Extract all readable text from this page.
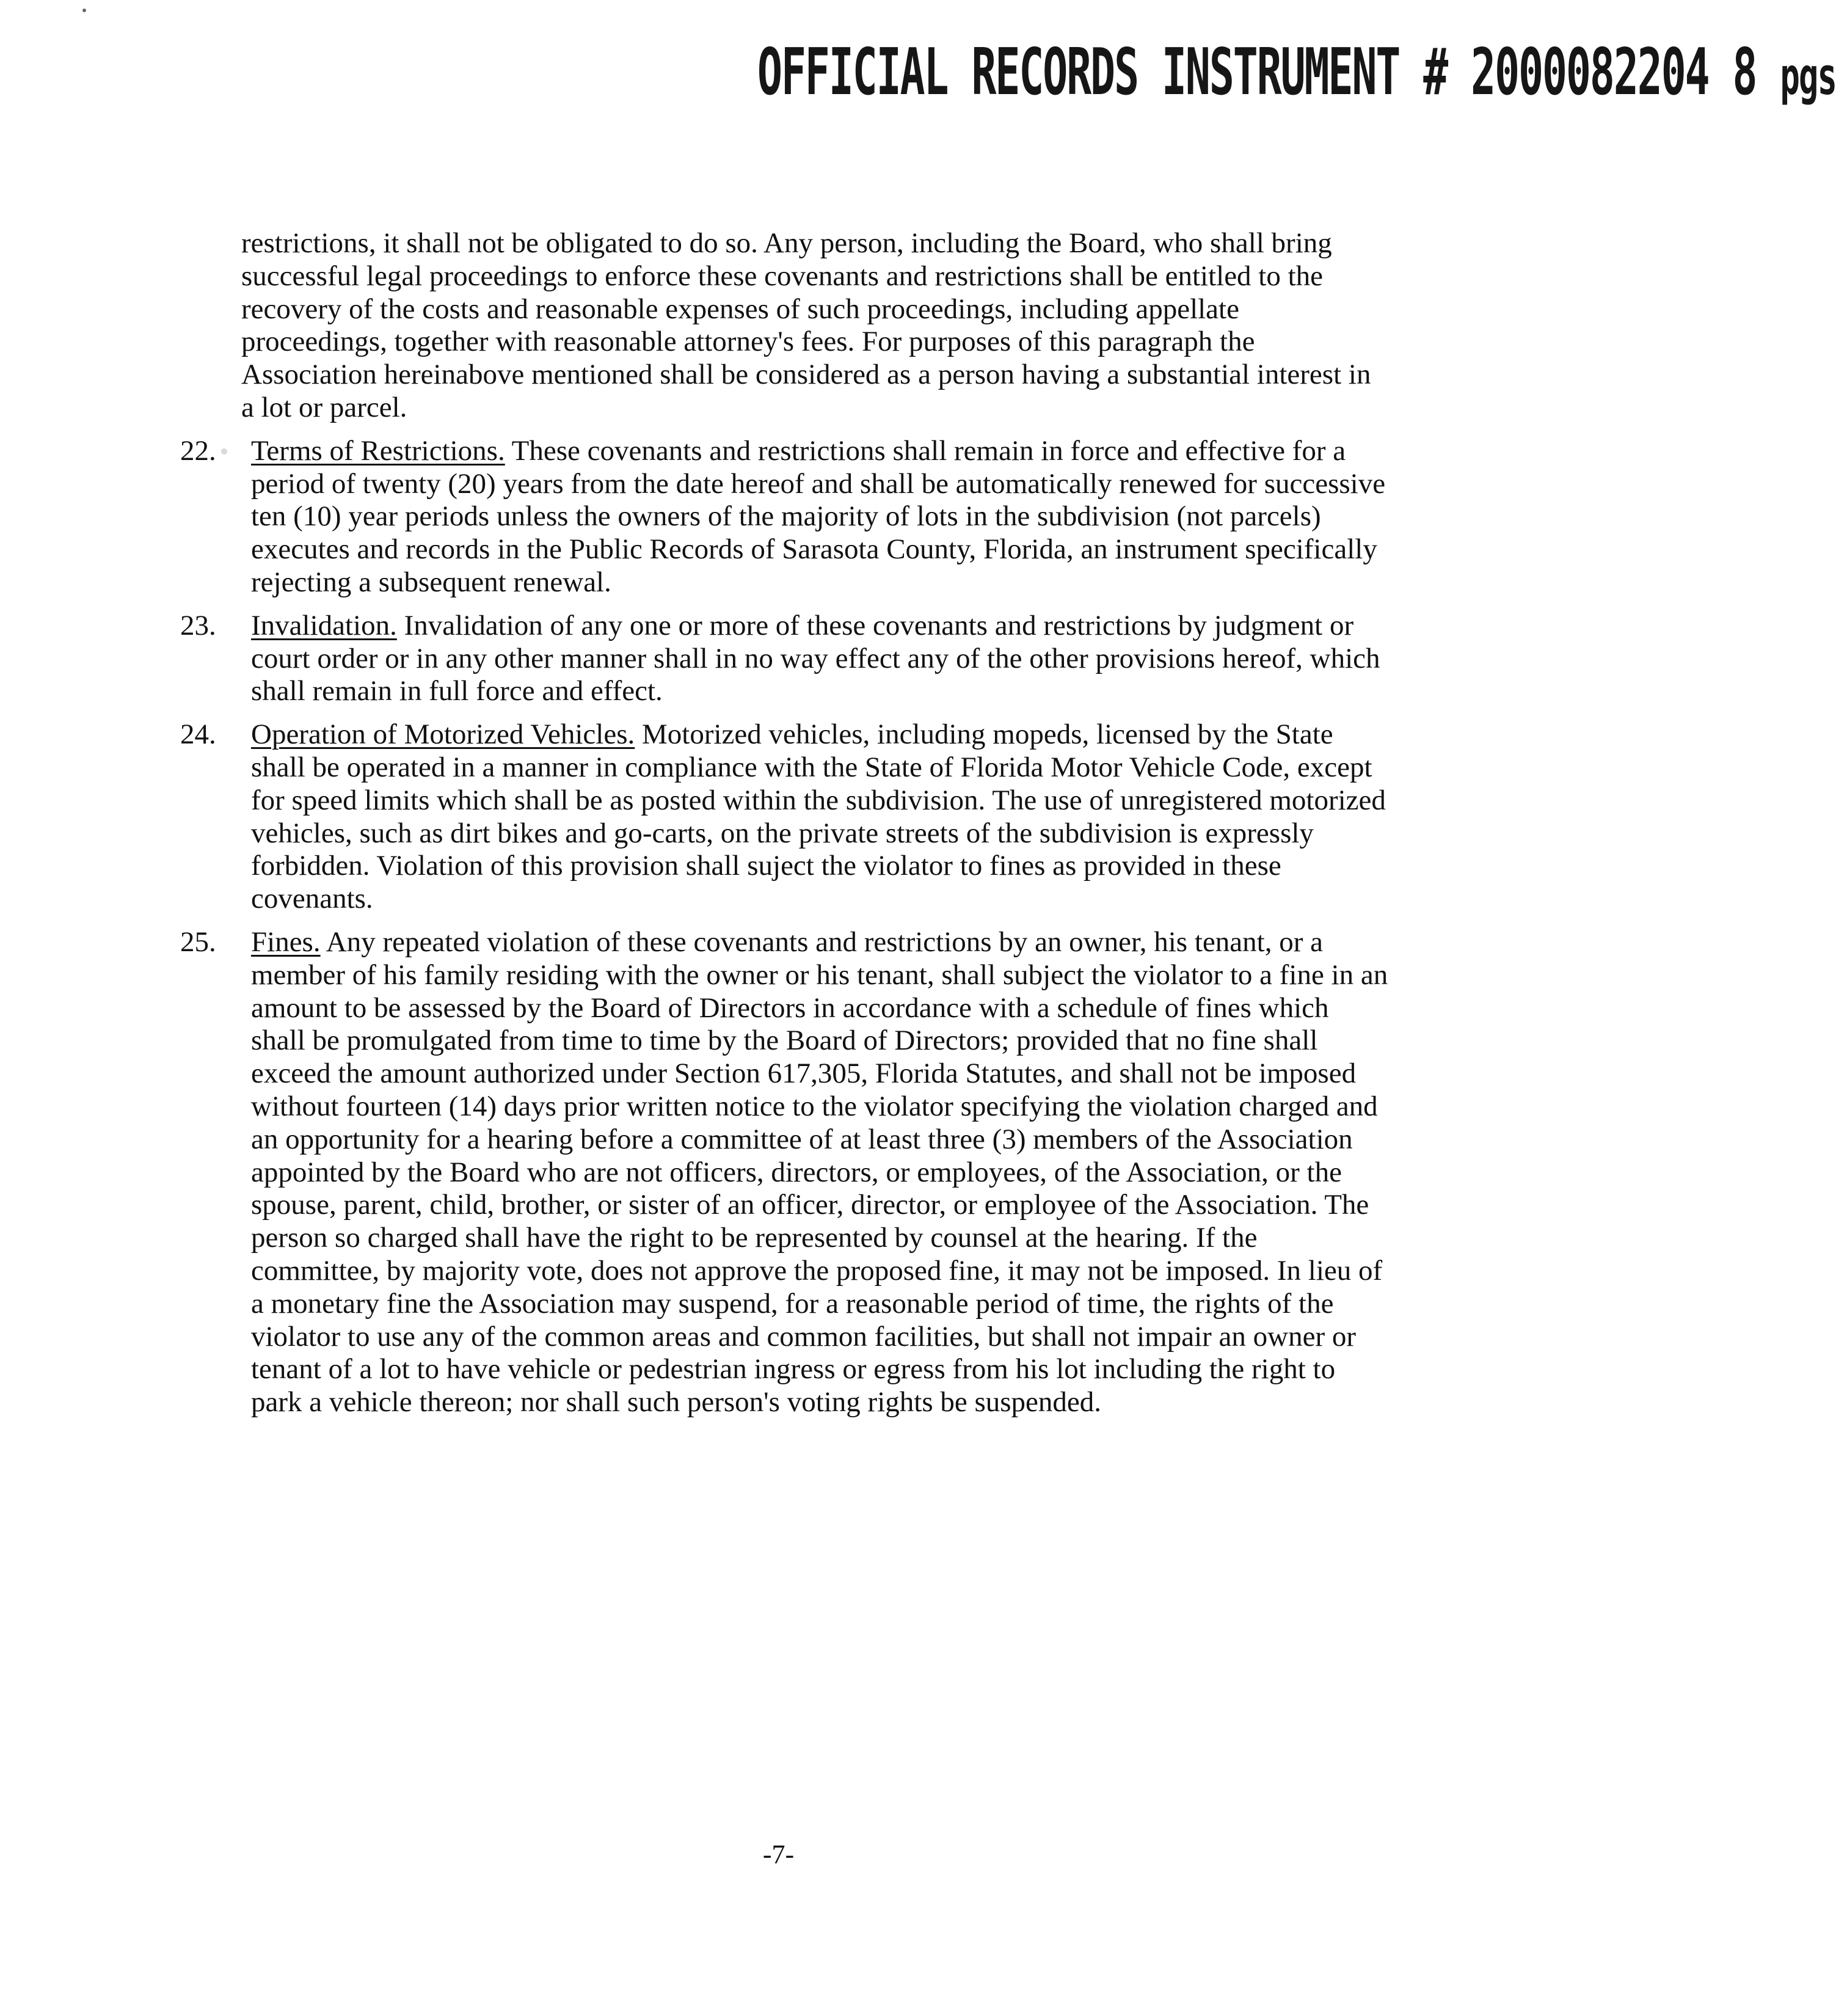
OFFICIAL RECORDS INSTRUMENT # 2000082204 8 pgs

restrictions, it shall not be obligated to do so. Any person, including the Board, who shall bring successful legal proceedings to enforce these covenants and restrictions shall be entitled to the recovery of the costs and reasonable expenses of such proceedings, including appellate proceedings, together with reasonable attorney's fees. For purposes of this paragraph the Association hereinabove mentioned shall be considered as a person having a substantial interest in a lot or parcel.

22.	Terms of Restrictions. These covenants and restrictions shall remain in force and effective for a period of twenty (20) years from the date hereof and shall be automatically renewed for successive ten (10) year periods unless the owners of the majority of lots in the subdivision (not parcels) executes and records in the Public Records of Sarasota County, Florida, an instrument specifically rejecting a subsequent renewal.
23.	Invalidation. Invalidation of any one or more of these covenants and restrictions by judgment or court order or in any other manner shall in no way effect any of the other provisions hereof, which shall remain in full force and effect.
24.	Operation of Motorized Vehicles. Motorized vehicles, including mopeds, licensed by the State shall be operated in a manner in compliance with the State of Florida Motor Vehicle Code, except for speed limits which shall be as posted within the subdivision. The use of unregistered motorized vehicles, such as dirt bikes and go-carts, on the private streets of the subdivision is expressly forbidden. Violation of this provision shall suject the violator to fines as provided in these covenants.
25.	Fines. Any repeated violation of these covenants and restrictions by an owner, his tenant, or a member of his family residing with the owner or his tenant, shall subject the violator to a fine in an amount to be assessed by the Board of Directors in accordance with a schedule of fines which shall be promulgated from time to time by the Board of Directors; provided that no fine shall exceed the amount authorized under Section 617,305, Florida Statutes, and shall not be imposed without fourteen (14) days prior written notice to the violator specifying the violation charged and an opportunity for a hearing before a committee of at least three (3) members of the Association appointed by the Board who are not officers, directors, or employees, of the Association, or the spouse, parent, child, brother, or sister of an officer, director, or employee of the Association. The person so charged shall have the right to be represented by counsel at the hearing. If the committee, by majority vote, does not approve the proposed fine, it may not be imposed. In lieu of a monetary fine the Association may suspend, for a reasonable period of time, the rights of the violator to use any of the common areas and common facilities, but shall not impair an owner or tenant of a lot to have vehicle or pedestrian ingress or egress from his lot including the right to park a vehicle thereon; nor shall such person's voting rights be suspended.
-7-
